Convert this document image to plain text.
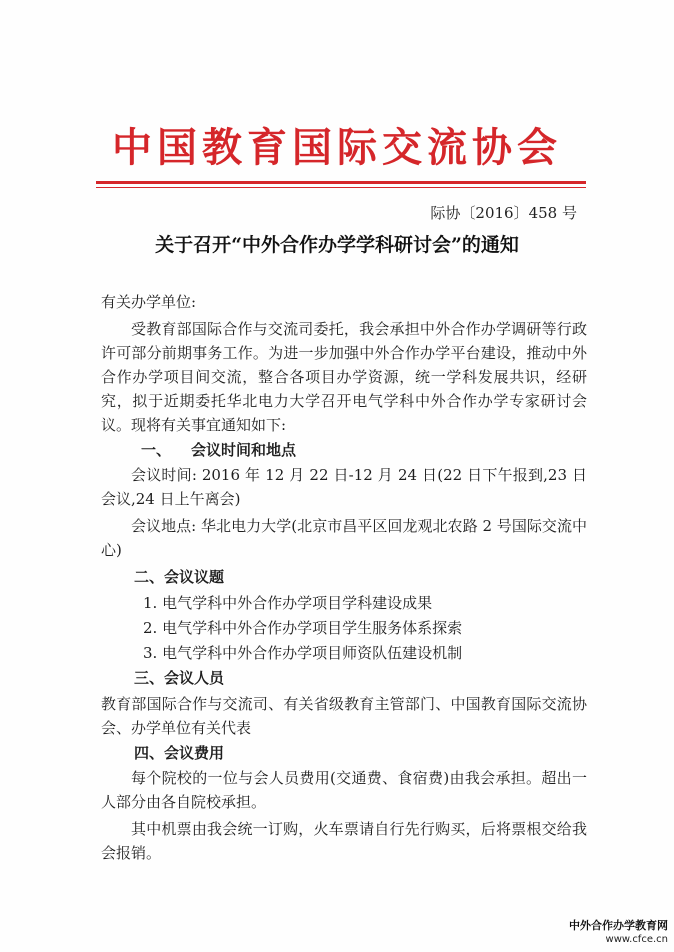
中国教育国际交流协会
际协〔2016〕458 号
关于召开“中外合作办学学科研讨会”的通知
有关办学单位:
受教育部国际合作与交流司委托，我会承担中外合作办学调研等行政许可部分前期事务工作。为进一步加强中外合作办学平台建设，推动中外合作办学项目间交流，整合各项目办学资源，统一学科发展共识，经研究，拟于近期委托华北电力大学召开电气学科中外合作办学专家研讨会议。现将有关事宜通知如下:
一、 会议时间和地点
会议时间: 2016 年 12 月 22 日-12 月 24 日(22 日下午报到,23 日会议,24 日上午离会)
会议地点: 华北电力大学(北京市昌平区回龙观北农路 2 号国际交流中心)
二、会议议题
1. 电气学科中外合作办学项目学科建设成果
2. 电气学科中外合作办学项目学生服务体系探索
3. 电气学科中外合作办学项目师资队伍建设机制
三、会议人员
教育部国际合作与交流司、有关省级教育主管部门、中国教育国际交流协会、办学单位有关代表
四、会议费用
每个院校的一位与会人员费用(交通费、食宿费)由我会承担。超出一人部分由各自院校承担。
其中机票由我会统一订购，火车票请自行先行购买，后将票根交给我会报销。
中外合作办学教育网
www.cfce.cn
